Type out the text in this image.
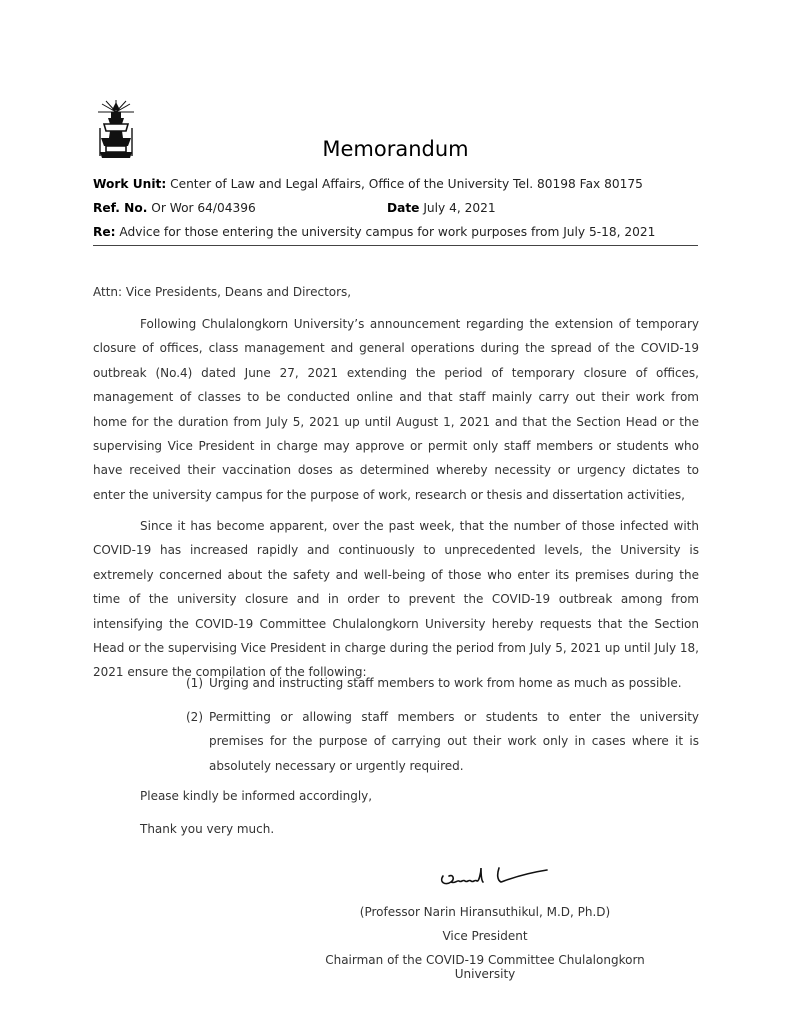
Memorandum
Work Unit: Center of Law and Legal Affairs, Office of the University Tel. 80198 Fax 80175
Ref. No. Or Wor 64/04396	Date July 4, 2021
Re: Advice for those entering the university campus for work purposes from July 5-18, 2021
Attn: Vice Presidents, Deans and Directors,

Following Chulalongkorn University’s announcement regarding the extension of temporary closure of offices, class management and general operations during the spread of the COVID-19 outbreak (No.4) dated June 27, 2021 extending the period of temporary closure of offices, management of classes to be conducted online and that staff mainly carry out their work from home for the duration from July 5, 2021 up until August 1, 2021 and that the Section Head or the supervising Vice President in charge may approve or permit only staff members or students who have received their vaccination doses as determined whereby necessity or urgency dictates to enter the university campus for the purpose of work, research or thesis and dissertation activities,

Since it has become apparent, over the past week, that the number of those infected with COVID-19 has increased rapidly and continuously to unprecedented levels, the University is extremely concerned about the safety and well-being of those who enter its premises during the time of the university closure and in order to prevent the COVID-19 outbreak among from intensifying the COVID-19 Committee Chulalongkorn University hereby requests that the Section Head or the supervising Vice President in charge during the period from July 5, 2021 up until July 18, 2021 ensure the compilation of the following:

(1) Urging and instructing staff members to work from home as much as possible.
(2) Permitting or allowing staff members or students to enter the university premises for the purpose of carrying out their work only in cases where it is absolutely necessary or urgently required.
Please kindly be informed accordingly,
Thank you very much.
(Professor Narin Hiransuthikul, M.D, Ph.D)
Vice President
Chairman of the COVID-19 Committee Chulalongkorn University
